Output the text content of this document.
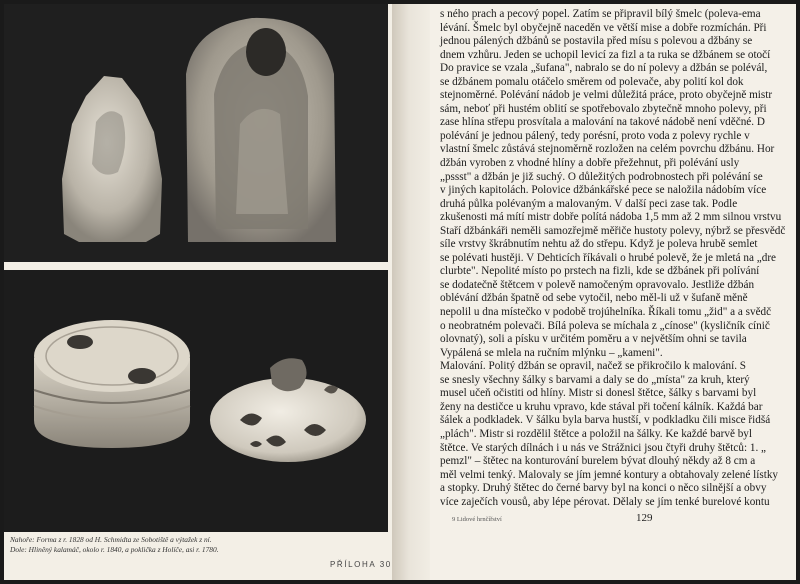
Nahoře: Forma z r. 1828 od H. Schmidta ze Sobotiště a výtažek z ní.
Dole: Hliněný kalamáč, okolo r. 1840, a poklička z Holíče, asi r. 1780.
PŘÍLOHA 30

s ného prach a pecový popel. Zatím se připravil bílý šmelc (poleva-ema

lévání. Šmelc byl obyčejně naceděn ve větší mise a dobře rozmíchán. Při

jednou pálených džbánů se postavila před mísu s polevou a džbány se

dnem vzhůru. Jeden se uchopil levicí za fizl a ta ruka se džbánem se otočí

Do pravice se vzala „šufana", nabralo se do ní polevy a džbán se polévál,

se džbánem pomalu otáčelo směrem od polevače, aby polití kol dok

stejnoměrné. Polévání nádob je velmi důležitá práce, proto obyčejně mistr

sám, neboť při hustém oblití se spotřebovalo zbytečně mnoho polevy, při

zase hlína střepu prosvítala a malování na takové nádobě není vděčné. D

polévání je jednou pálený, tedy porésní, proto voda z polevy rychle v

vlastní šmelc zůstává stejnoměrně rozložen na celém povrchu džbánu. Hor

džbán vyroben z vhodné hlíny a dobře přežehnut, při polévání usly

„pssst" a džbán je již suchý. O důležitých podrobnostech při polévání se

v jiných kapitolách. Polovice džbánkářské pece se naložila nádobím více

druhá půlka polévaným a malovaným. V další peci zase tak. Podle

zkušenosti má mítí mistr dobře polítá nádoba 1,5 mm až 2 mm silnou vrstvu

Staří džbánkáři neměli samozřejmě měřiče hustoty polevy, nýbrž se přesvědč

síle vrstvy škrábnutím nehtu až do střepu. Když je poleva hrubě semlet

se polévati hustěji. V Dehticích říkávali o hrubé polevě, že je mletá na „dre

clurbte". Nepolité místo po prstech na fizli, kde se džbánek při polívání

se dodatečně štětcem v polevě namočeným opravovalo. Jestliže džbán

oblévání džbán špatně od sebe vytočil, nebo měl-li už v šufaně měně

nepolil u dna místečko v podobě trojúhelníka. Říkali tomu „žid" a a svědč

o neobratném polevači. Bílá poleva se míchala z „cínose" (kysličník cínič

olovnatý), soli a písku v určitém poměru a v největším ohni se tavila

Vypálená se mlela na ručním mlýnku – „kameni".

Malování. Politý džbán se opravil, načež se přikročilo k malování. S

se snesly všechny šálky s barvami a daly se do „místa" za kruh, který

musel učeň očistiti od hlíny. Mistr si donesl štětce, šálky s barvami byl

ženy na destičce u kruhu vpravo, kde stával při točení kálník. Každá bar

šálek a podkladek. V šálku byla barva hustší, v podkladku čili misce řidšá

„plách". Mistr si rozdělil štětce a položil na šálky. Ke každé barvě byl

štětce. Ve starých dílnách i u nás ve Strážnici jsou čtyři druhy štětců: 1. „

pemzl" – štětec na konturování burelem bývat dlouhý někdy až 8 cm a

měl velmi tenký. Malovaly se jím jemné kontury a obtahovaly zelené lístky

a stopky. Druhý štětec do černé barvy byl na konci o něco silnější a obvy

více zaječích vousů, aby lépe pérovat. Dělaly se jím tenké burelové kontu

9 Lidové hrnčířství	129
